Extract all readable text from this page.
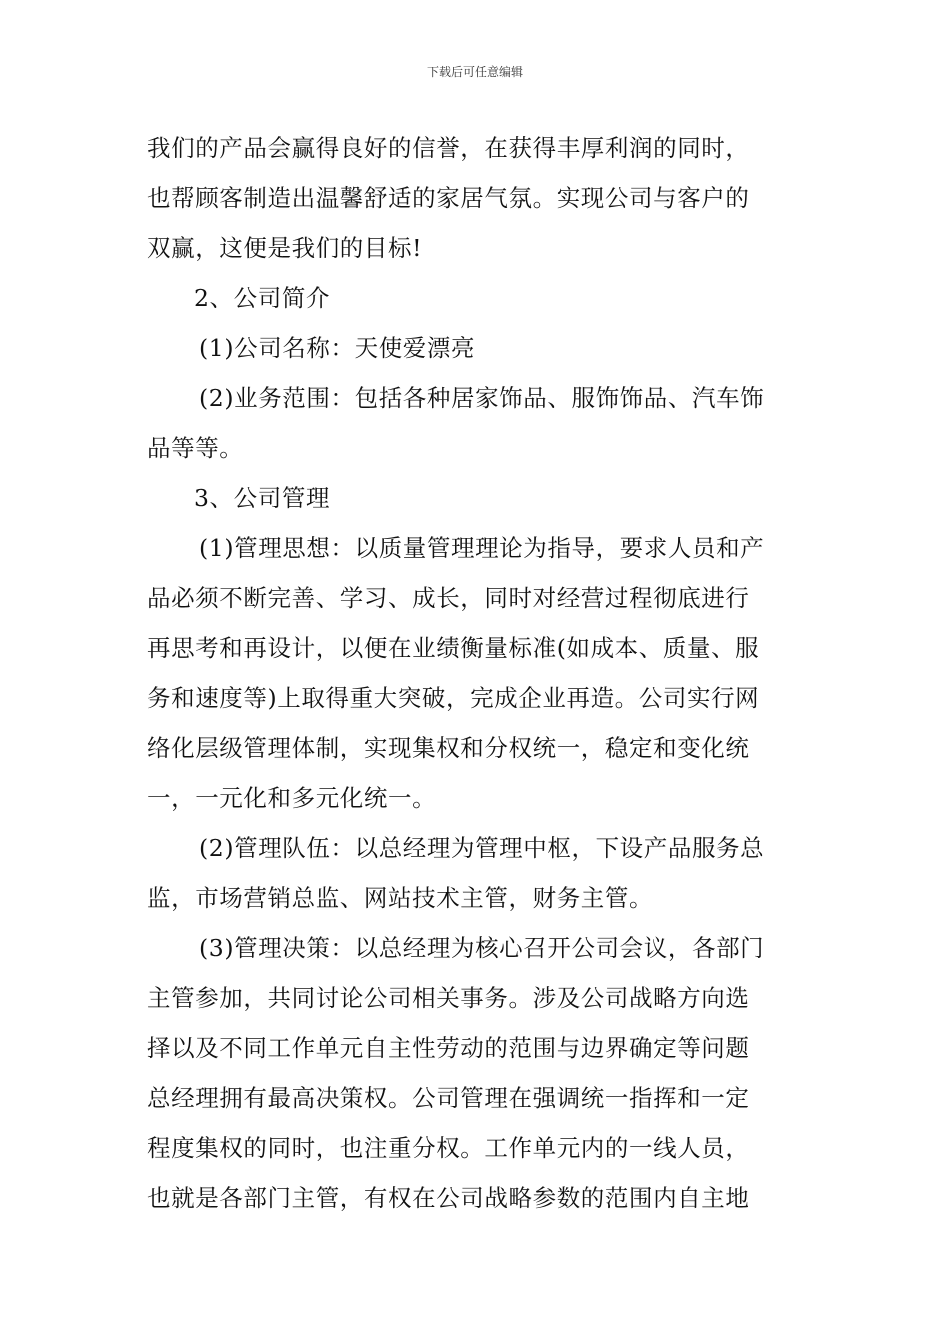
下载后可任意编辑
我们的产品会赢得良好的信誉，在获得丰厚利润的同时，
也帮顾客制造出温馨舒适的家居气氛。实现公司与客户的
双赢，这便是我们的目标!
2、公司简介
(1)公司名称：天使爱漂亮
(2)业务范围：包括各种居家饰品、服饰饰品、汽车饰
品等等。
3、公司管理
(1)管理思想：以质量管理理论为指导，要求人员和产
品必须不断完善、学习、成长，同时对经营过程彻底进行
再思考和再设计，以便在业绩衡量标准(如成本、质量、服
务和速度等)上取得重大突破，完成企业再造。公司实行网
络化层级管理体制，实现集权和分权统一，稳定和变化统
一，一元化和多元化统一。
(2)管理队伍：以总经理为管理中枢，下设产品服务总
监，市场营销总监、网站技术主管，财务主管。
(3)管理决策：以总经理为核心召开公司会议，各部门
主管参加，共同讨论公司相关事务。涉及公司战略方向选
择以及不同工作单元自主性劳动的范围与边界确定等问题
总经理拥有最高决策权。公司管理在强调统一指挥和一定
程度集权的同时，也注重分权。工作单元内的一线人员，
也就是各部门主管，有权在公司战略参数的范围内自主地
